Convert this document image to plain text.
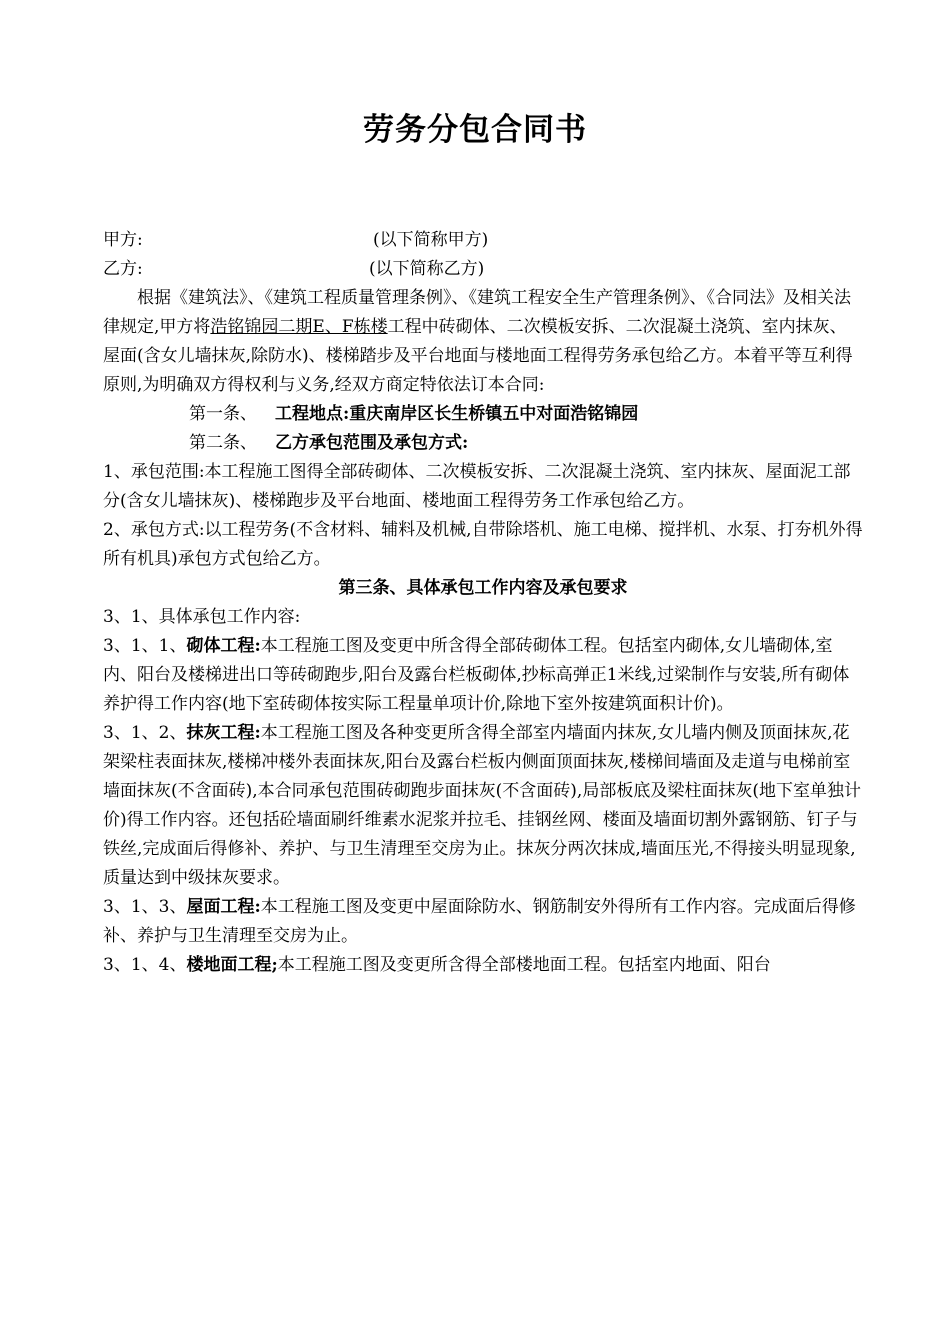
劳务分包合同书
甲方:	(以下简称甲方)
乙方:	(以下简称乙方)
根据《建筑法》、《建筑工程质量管理条例》、《建筑工程安全生产管理条例》、《合同法》及相关法律规定,甲方将浩铭锦园二期E、F栋楼工程中砖砌体、二次模板安拆、二次混凝土浇筑、室内抹灰、屋面(含女儿墙抹灰,除防水)、楼梯踏步及平台地面与楼地面工程得劳务承包给乙方。本着平等互利得原则,为明确双方得权利与义务,经双方商定特依法订本合同:
第一条、 工程地点:重庆南岸区长生桥镇五中对面浩铭锦园
第二条、 乙方承包范围及承包方式:
1、承包范围:本工程施工图得全部砖砌体、二次模板安拆、二次混凝土浇筑、室内抹灰、屋面泥工部分(含女儿墙抹灰)、楼梯跑步及平台地面、楼地面工程得劳务工作承包给乙方。
2、承包方式:以工程劳务(不含材料、辅料及机械,自带除塔机、施工电梯、搅拌机、水泵、打夯机外得所有机具)承包方式包给乙方。
第三条、具体承包工作内容及承包要求
3、1、具体承包工作内容:
3、1、1、砌体工程:本工程施工图及变更中所含得全部砖砌体工程。包括室内砌体,女儿墙砌体,室内、阳台及楼梯进出口等砖砌跑步,阳台及露台栏板砌体,抄标高弹正1米线,过梁制作与安装,所有砌体养护得工作内容(地下室砖砌体按实际工程量单项计价,除地下室外按建筑面积计价)。
3、1、2、抹灰工程:本工程施工图及各种变更所含得全部室内墙面内抹灰,女儿墙内侧及顶面抹灰,花架梁柱表面抹灰,楼梯冲楼外表面抹灰,阳台及露台栏板内侧面顶面抹灰,楼梯间墙面及走道与电梯前室墙面抹灰(不含面砖),本合同承包范围砖砌跑步面抹灰(不含面砖),局部板底及梁柱面抹灰(地下室单独计价)得工作内容。还包括砼墙面刷纤维素水泥浆并拉毛、挂钢丝网、楼面及墙面切割外露钢筋、钉子与铁丝,完成面后得修补、养护、与卫生清理至交房为止。抹灰分两次抹成,墙面压光,不得接头明显现象,质量达到中级抹灰要求。
3、1、3、屋面工程:本工程施工图及变更中屋面除防水、钢筋制安外得所有工作内容。完成面后得修补、养护与卫生清理至交房为止。
3、1、4、楼地面工程;本工程施工图及变更所含得全部楼地面工程。包括室内地面、阳台
